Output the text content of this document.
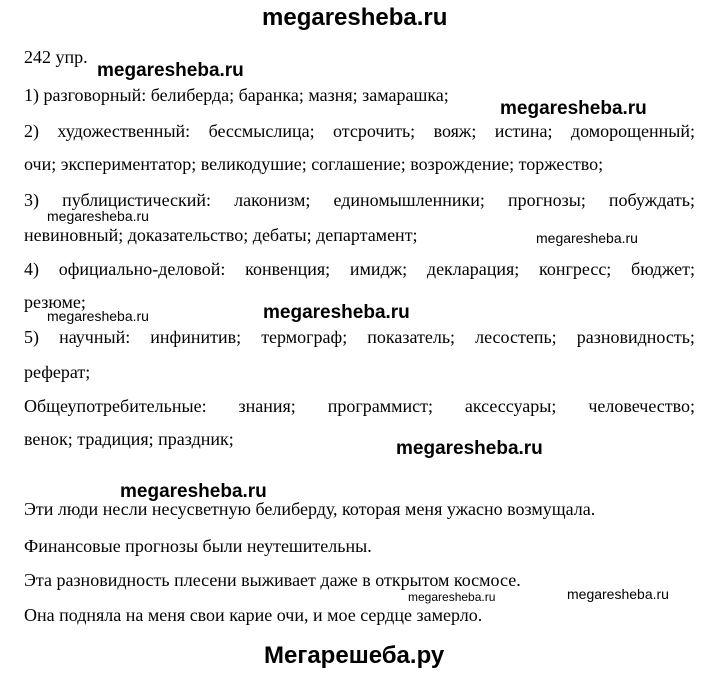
megaresheba.ru
242 упр.
megaresheba.ru
1) разговорный: белиберда; баранка; мазня; замарашка;
megaresheba.ru
2) художественный: бессмыслица; отсрочить; вояж; истина; доморощенный;
очи; экспериментатор; великодушие; соглашение; возрождение; торжество;
3) публицистический: лаконизм; единомышленники; прогнозы; побуждать;
megaresheba.ru
невиновный; доказательство; дебаты; департамент;	megaresheba.ru
4) официально-деловой: конвенция; имидж; декларация; конгресс; бюджет;
резюме;
megaresheba.ru	megaresheba.ru
5) научный: инфинитив; термограф; показатель; лесостепь; разновидность;
реферат;
Общеупотребительные: знания; программист; аксессуары; человечество;
венок; традиция; праздник;	megaresheba.ru
megaresheba.ru
Эти люди несли несусветную белиберду, которая меня ужасно возмущала.
Финансовые прогнозы были неутешительны.
Эта разновидность плесени выживает даже в открытом космосе.
megaresheba.ru	megaresheba.ru
Она подняла на меня свои карие очи, и мое сердце замерло.
Мегарешеба.ру
